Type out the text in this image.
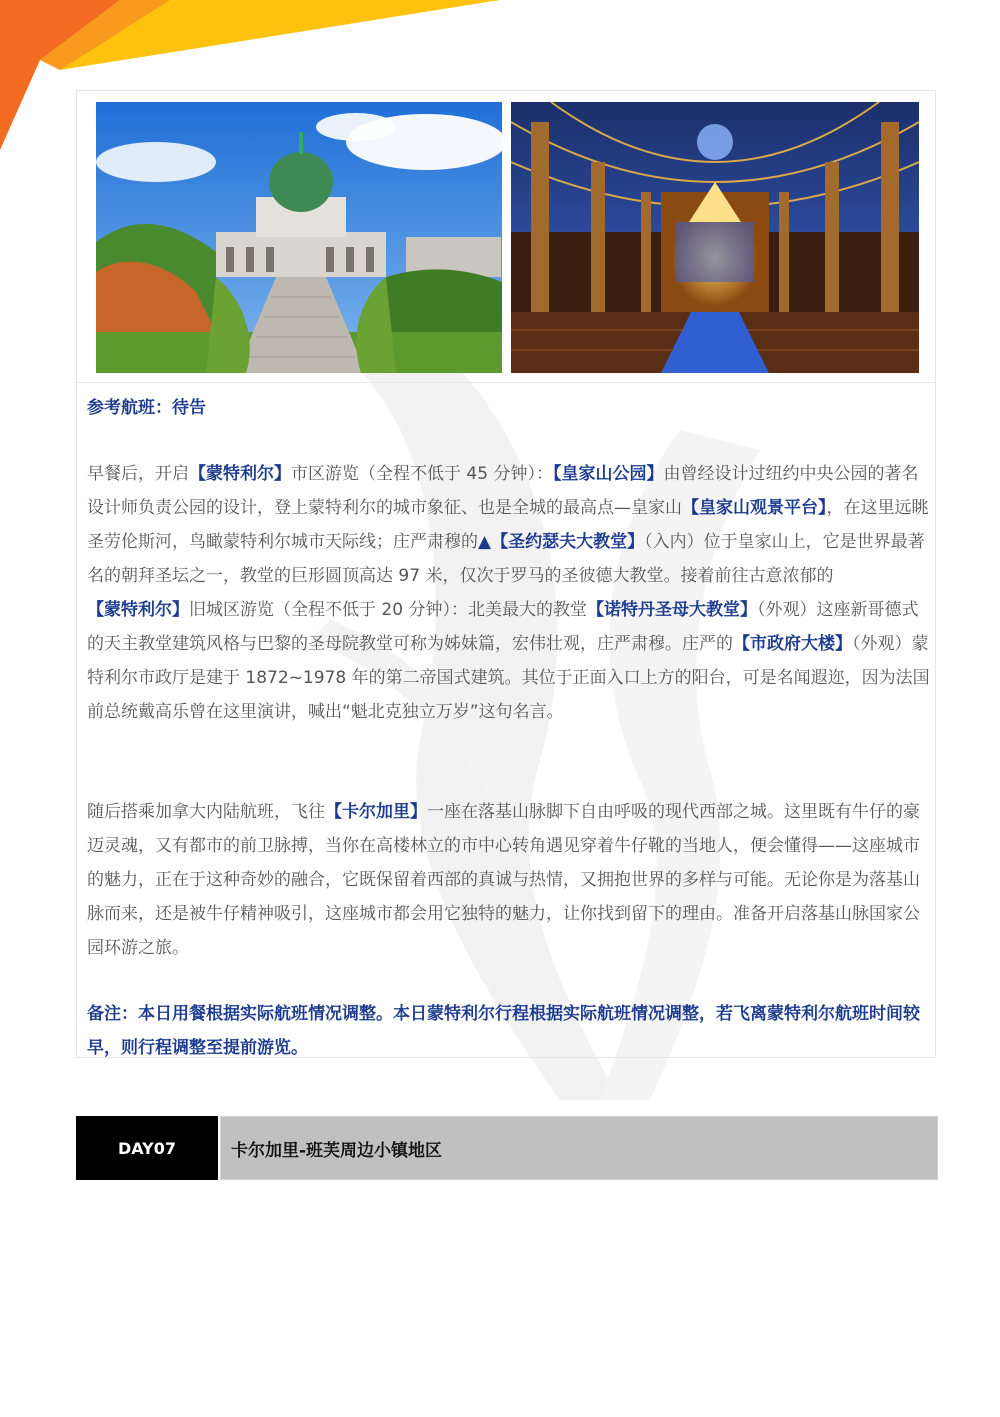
参考航班：待告

早餐后，开启【蒙特利尔】市区游览（全程不低于 45 分钟）：【皇家山公园】由曾经设计过纽约中央公园的著名设计师负责公园的设计，登上蒙特利尔的城市象征、也是全城的最高点—皇家山【皇家山观景平台】，在这里远眺圣劳伦斯河，鸟瞰蒙特利尔城市天际线；庄严肃穆的▲【圣约瑟夫大教堂】（入内）位于皇家山上，它是世界最著名的朝拜圣坛之一，教堂的巨形圆顶高达 97 米，仅次于罗马的圣彼德大教堂。接着前往古意浓郁的【蒙特利尔】旧城区游览（全程不低于 20 分钟）：北美最大的教堂【诺特丹圣母大教堂】（外观）这座新哥德式的天主教堂建筑风格与巴黎的圣母院教堂可称为姊妹篇，宏伟壮观，庄严肃穆。庄严的【市政府大楼】（外观）蒙特利尔市政厅是建于 1872~1978 年的第二帝国式建筑。其位于正面入口上方的阳台，可是名闻遐迩，因为法国前总统戴高乐曾在这里演讲，喊出“魁北克独立万岁”这句名言。

随后搭乘加拿大内陆航班，飞往【卡尔加里】一座在落基山脉脚下自由呼吸的现代西部之城。这里既有牛仔的豪迈灵魂，又有都市的前卫脉搏，当你在高楼林立的市中心转角遇见穿着牛仔靴的当地人，便会懂得——这座城市的魅力，正在于这种奇妙的融合，它既保留着西部的真诚与热情，又拥抱世界的多样与可能。无论你是为落基山脉而来，还是被牛仔精神吸引，这座城市都会用它独特的魅力，让你找到留下的理由。准备开启落基山脉国家公园环游之旅。

备注：本日用餐根据实际航班情况调整。本日蒙特利尔行程根据实际航班情况调整，若飞离蒙特利尔航班时间较早，则行程调整至提前游览。

DAY07	卡尔加里-班芙周边小镇地区
